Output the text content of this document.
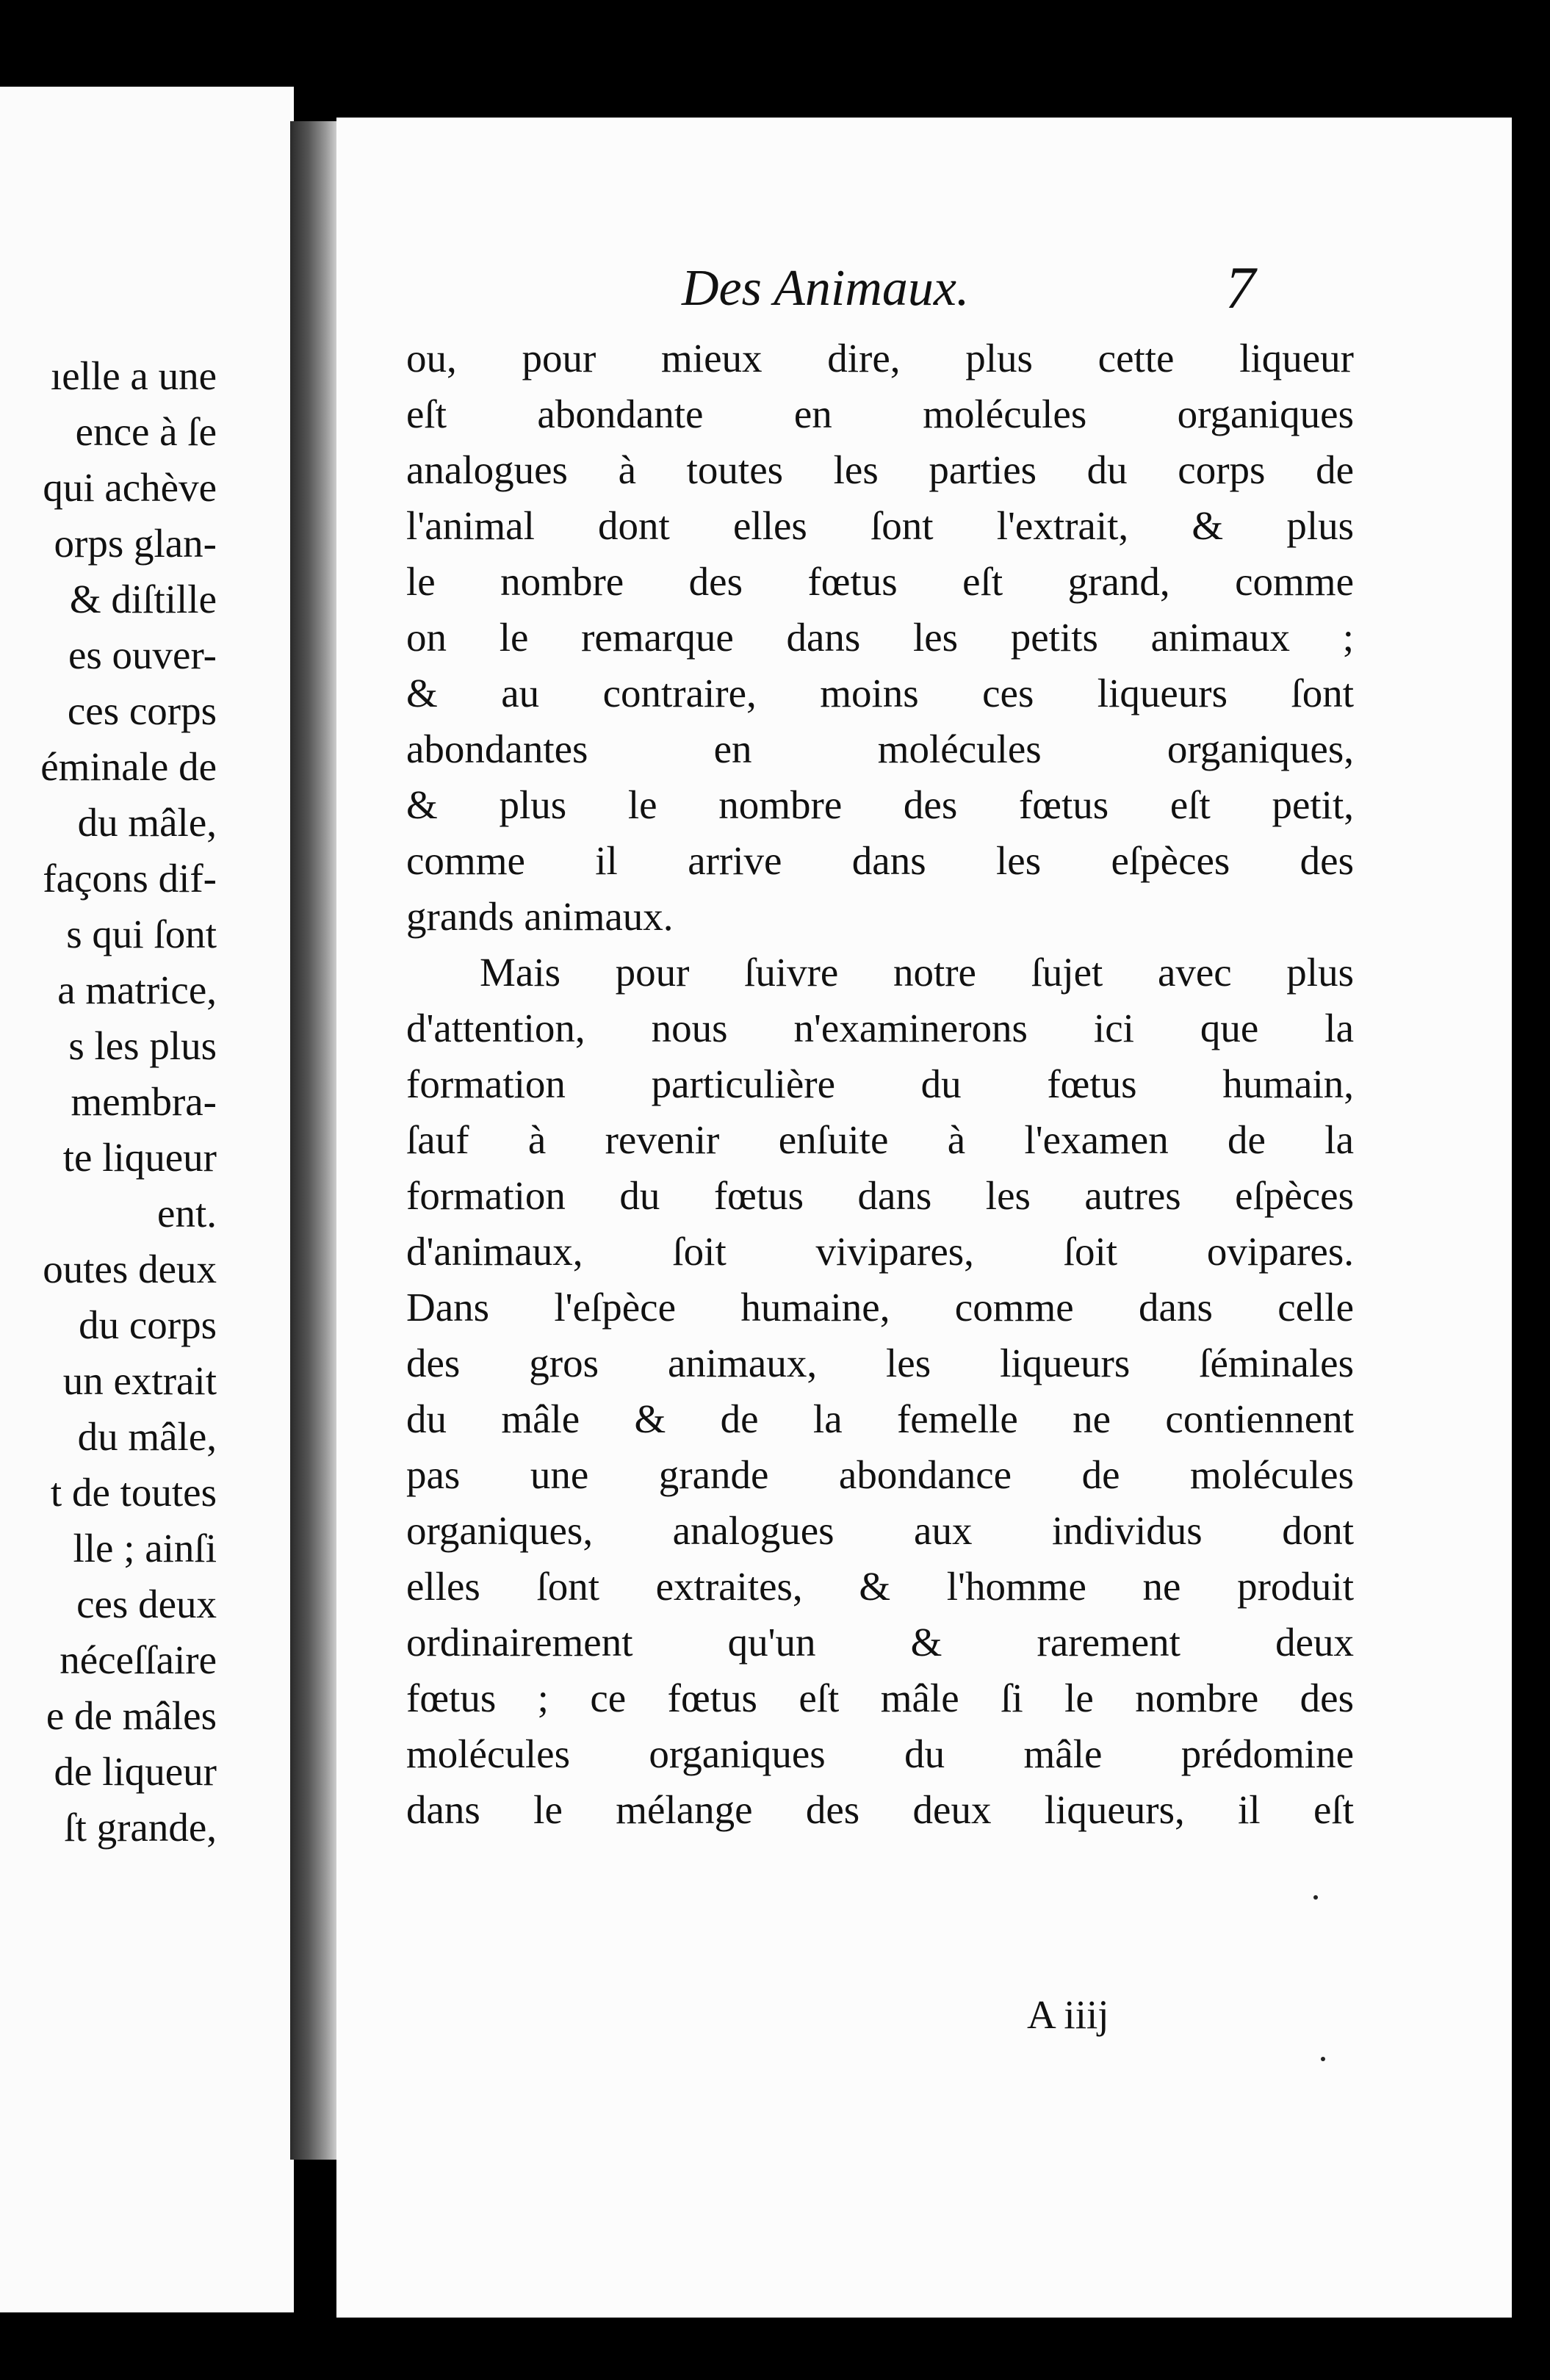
ıelle a une
ence à ſe
qui achève
orps glan-
& diſtille
es ouver-
ces corps
éminale de
du mâle,
façons dif-
s qui ſont
a matrice,
s les plus
membra-
te liqueur
ent.
outes deux
du corps
un extrait
du mâle,
t de toutes
lle ; ainſi
ces deux
néceſſaire
e de mâles
de liqueur
ſt grande,
Des Animaux.	7
ou, pour mieux dire, plus cette liqueur
eſt abondante en molécules organiques
analogues à toutes les parties du corps de
l'animal dont elles ſont l'extrait, & plus
le nombre des fœtus eſt grand, comme
on le remarque dans les petits animaux ;
& au contraire, moins ces liqueurs ſont
abondantes en molécules organiques,
& plus le nombre des fœtus eſt petit,
comme il arrive dans les eſpèces des
grands animaux.
Mais pour ſuivre notre ſujet avec plus
d'attention, nous n'examinerons ici que la
formation particulière du fœtus humain,
ſauf à revenir enſuite à l'examen de la
formation du fœtus dans les autres eſpèces
d'animaux, ſoit vivipares, ſoit ovipares.
Dans l'eſpèce humaine, comme dans celle
des gros animaux, les liqueurs ſéminales
du mâle & de la femelle ne contiennent
pas une grande abondance de molécules
organiques, analogues aux individus dont
elles ſont extraites, & l'homme ne produit
ordinairement qu'un & rarement deux
fœtus ; ce fœtus eſt mâle ſi le nombre des
molécules organiques du mâle prédomine
dans le mélange des deux liqueurs, il eſt
A iiij
